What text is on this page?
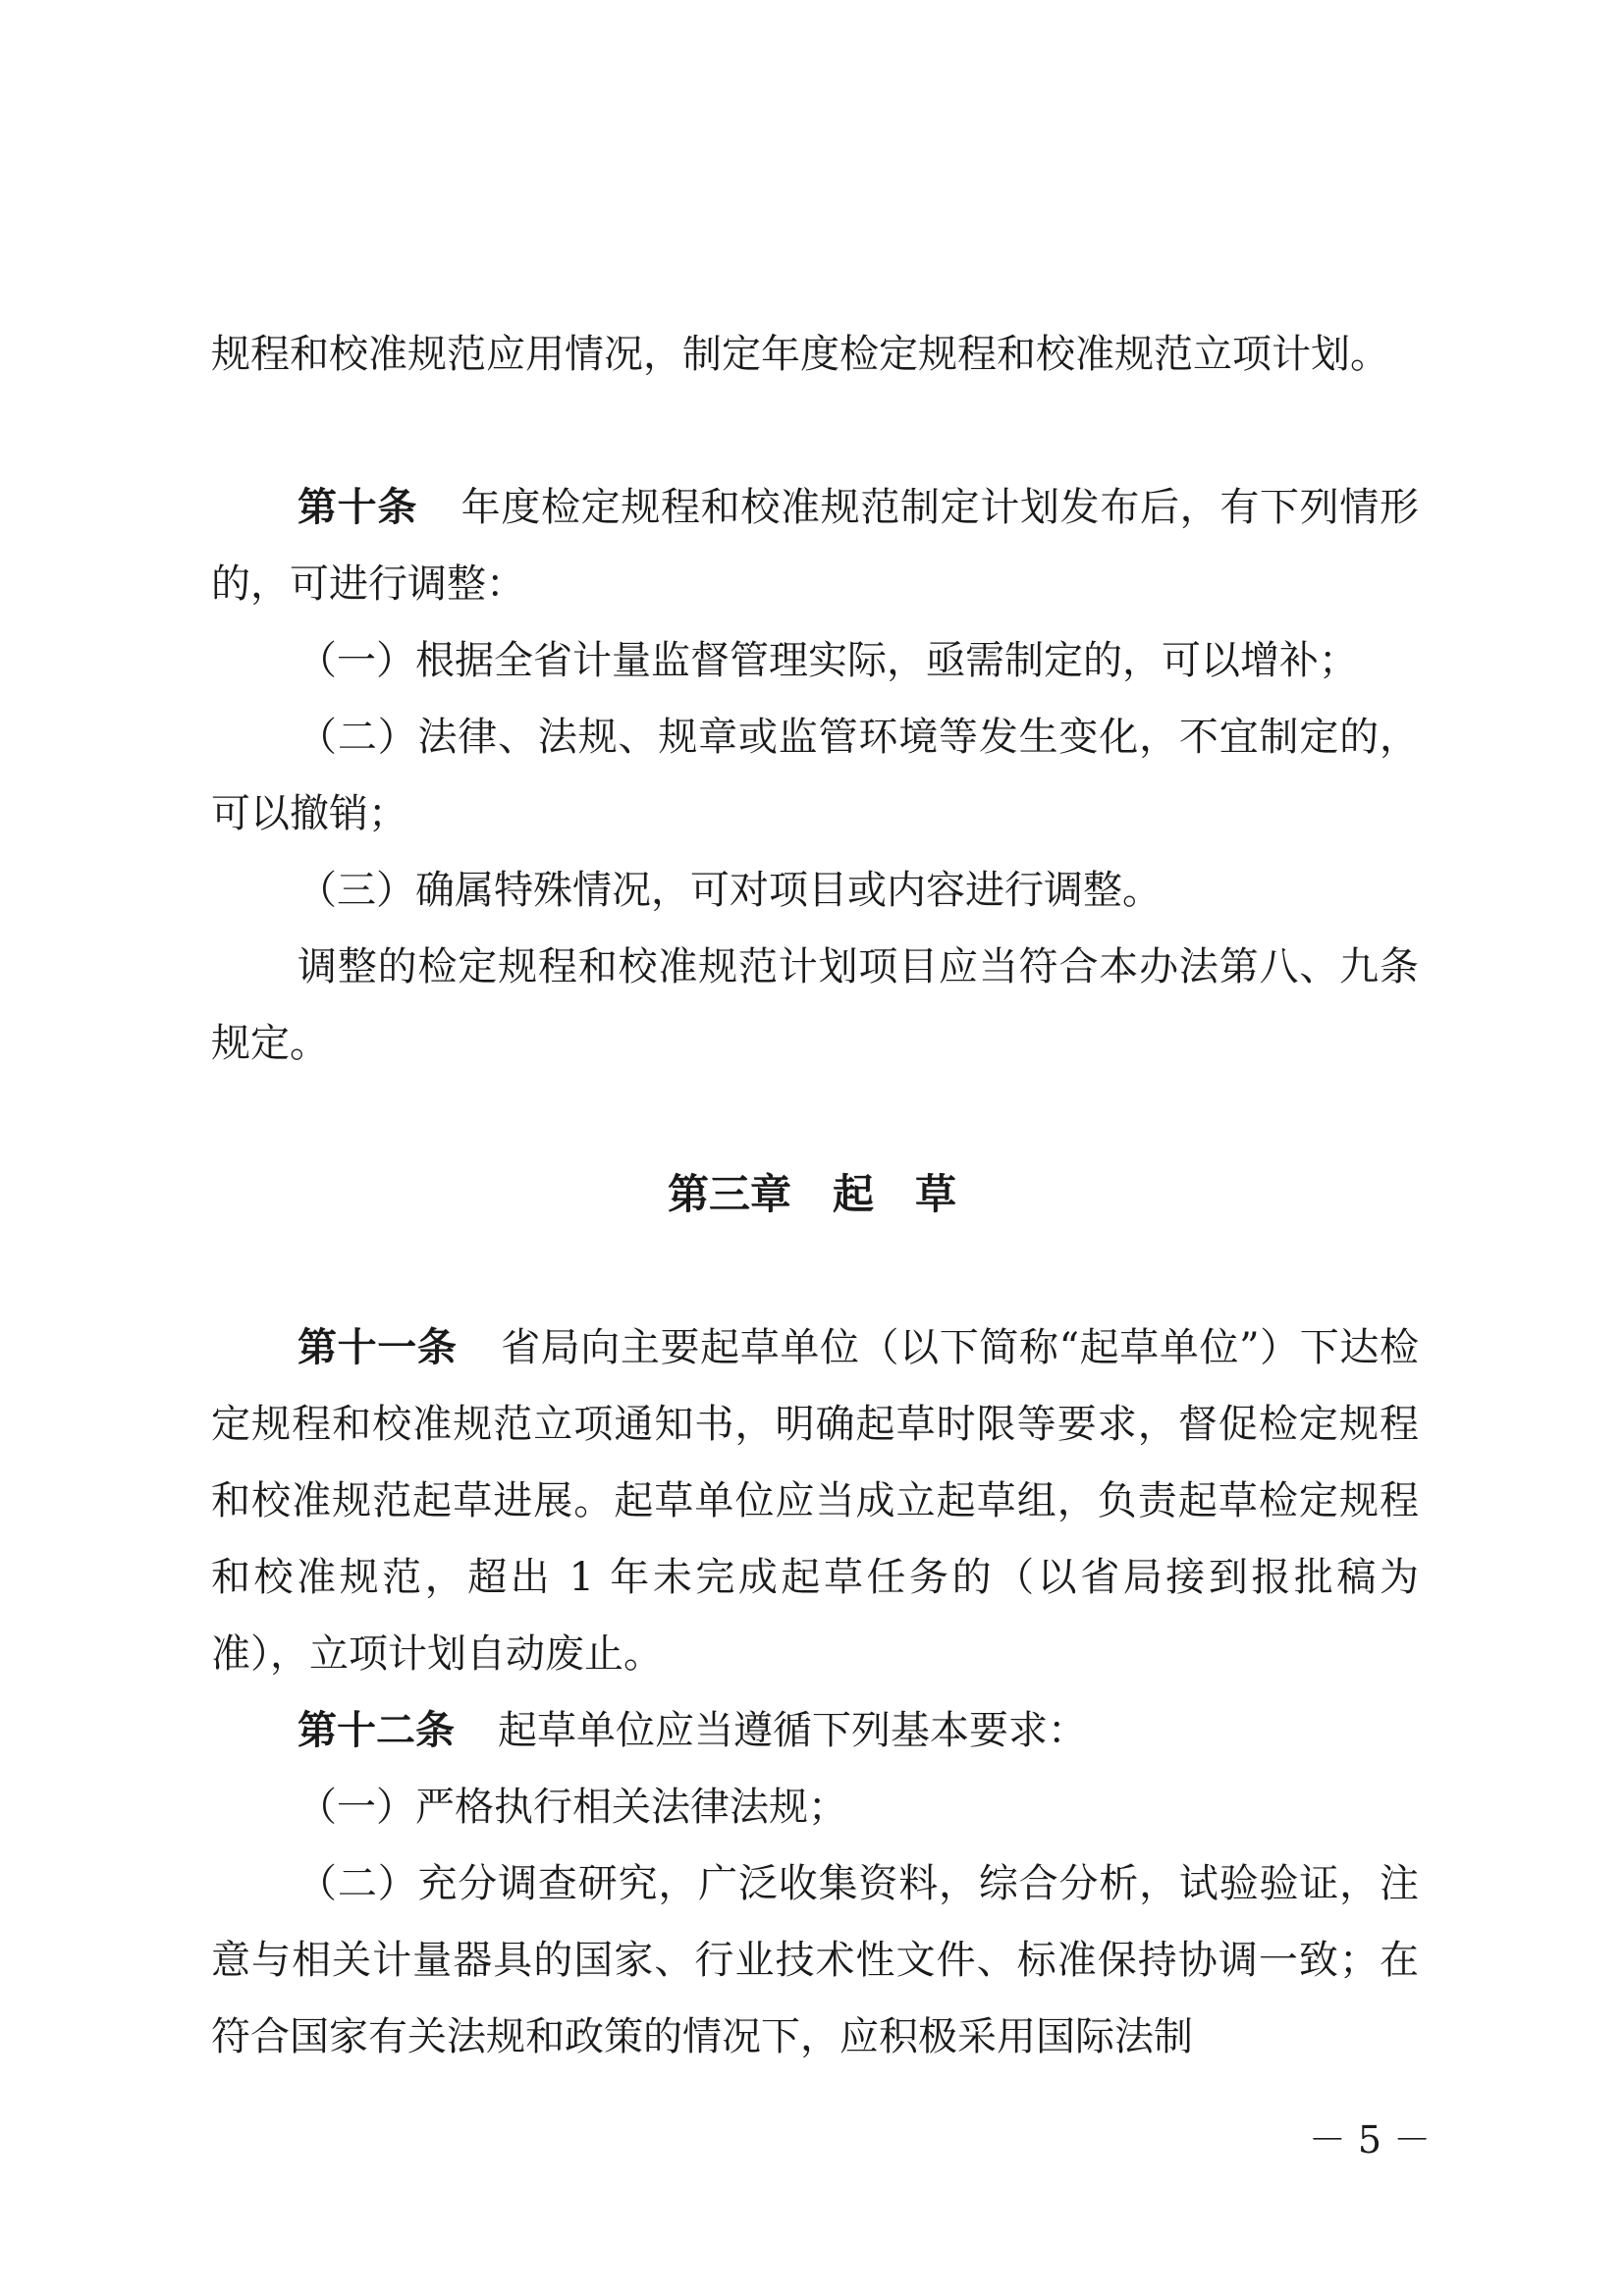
规程和校准规范应用情况，制定年度检定规程和校准规范立项计划。

第十条 年度检定规程和校准规范制定计划发布后，有下列情形的，可进行调整：

（一）根据全省计量监督管理实际，亟需制定的，可以增补；

（二）法律、法规、规章或监管环境等发生变化，不宜制定的，可以撤销；

（三）确属特殊情况，可对项目或内容进行调整。

调整的检定规程和校准规范计划项目应当符合本办法第八、九条规定。

第三章　起　草

第十一条 省局向主要起草单位（以下简称“起草单位”）下达检定规程和校准规范立项通知书，明确起草时限等要求，督促检定规程和校准规范起草进展。起草单位应当成立起草组，负责起草检定规程和校准规范，超出 1 年未完成起草任务的（以省局接到报批稿为准），立项计划自动废止。

第十二条 起草单位应当遵循下列基本要求：

（一）严格执行相关法律法规；

（二）充分调查研究，广泛收集资料，综合分析，试验验证，注意与相关计量器具的国家、行业技术性文件、标准保持协调一致；在符合国家有关法规和政策的情况下，应积极采用国际法制

－ 5 －
